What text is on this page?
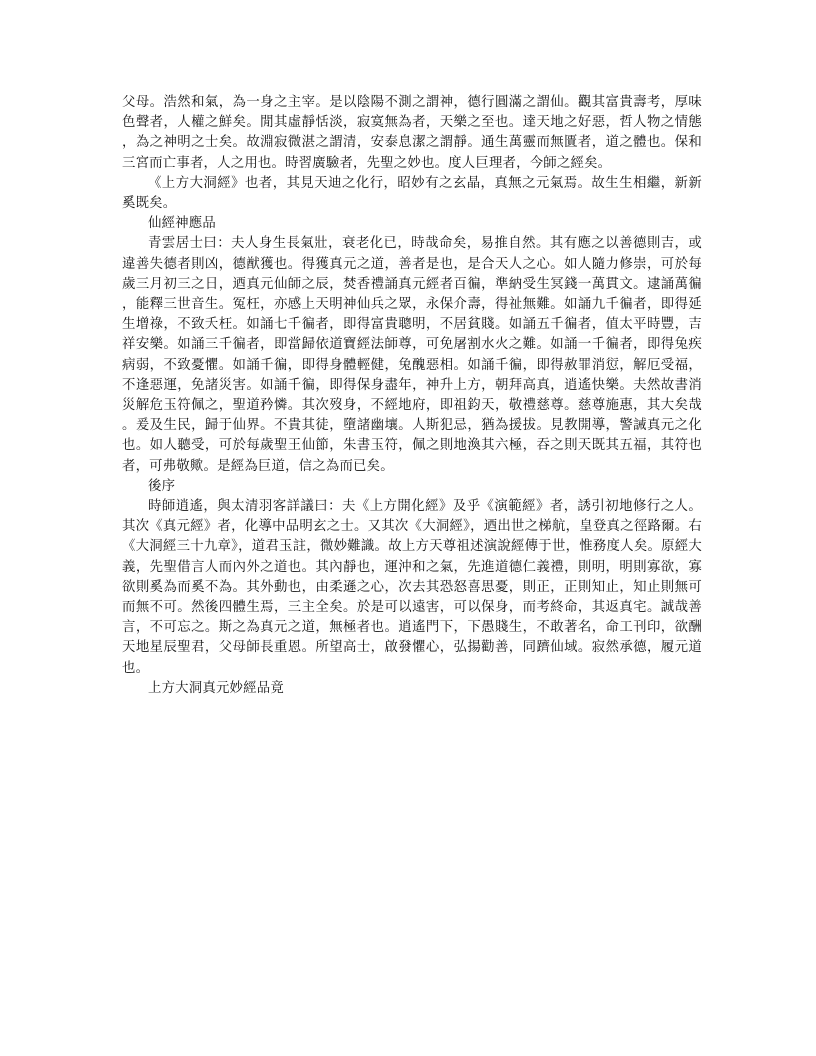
父母。浩然和氣，為一身之主宰。是以陰陽不測之謂神，德行圓滿之謂仙。觀其富貴壽考，厚味色聲者，人權之鮮矣。閒其虛靜恬淡，寂寞無為者，天樂之至也。達天地之好惡，哲人物之情態，為之神明之士矣。故淵寂微湛之謂清，安泰息潔之謂靜。通生萬靈而無匱者，道之體也。保和三宮而亡事者，人之用也。時習廣驗者，先聖之妙也。度人巨理者，今師之經矣。

《上方大洞經》也者，其見天迪之化行，昭妙有之玄晶，真無之元氣焉。故生生相繼，新新奚既矣。

仙經神應品

青雲居士曰：夫人身生長氣壯，衰老化已，時哉命矣，易推自然。其有應之以善德則吉，或違善失德者則凶，德猷獲也。得獲真元之道，善者是也，是合天人之心。如人隨力修崇，可於每歲三月初三之日，迺真元仙師之辰，焚香禮誦真元經者百徧，準納受生冥錢一萬貫文。逮誦萬徧，能釋三世音生。冤枉，亦感上天明神仙兵之眾，永保介壽，得祉無難。如誦九千徧者，即得延生增祿，不致夭枉。如誦七千徧者，即得富貴聰明，不居貧賤。如誦五千徧者，值太平時豐，吉祥安樂。如誦三千徧者，即當歸依道寶經法師尊，可免屠割水火之難。如誦一千徧者，即得兔疾病弱，不致憂懼。如誦千徧，即得身體輕健，兔醜惡相。如誦千徧，即得赦罪消愆，解厄受福，不逢惡運，免諸災害。如誦千徧，即得保身盡年，神升上方，朝拜高真，逍遙快樂。夫然故書消災解危玉符佩之，聖道矜憐。其次歿身，不經地府，即祖鈞天，敬禮慈尊。慈尊施惠，其大矣哉。爰及生民，歸于仙界。不貴其徒，墮諸幽壤。人斯犯忌，猶為援拔。見教開導，警誡真元之化也。如人聽受，可於每歲聖王仙節，朱書玉符，佩之則地渙其六極，吞之則天既其五福，其符也者，可弗敬歟。是經為巨道，信之為而已矣。

後序

時師逍遙，與太清羽客詳議曰：夫《上方開化經》及乎《演範經》者，誘引初地修行之人。其次《真元經》者，化導中品明玄之士。又其次《大洞經》，迺出世之梯航，皇登真之徑路爾。右《大洞經三十九章》，道君玉註，微妙難識。故上方天尊祖述演說經傳于世，惟務度人矣。原經大義，先聖借言人而內外之道也。其內靜也，運沖和之氣，先進道德仁義禮，則明，明則寡欲，寡欲則奚為而奚不為。其外動也，由柔遜之心，次去其恐怒喜思憂，則正，正則知止，知止則無可而無不可。然後四體生焉，三主全矣。於是可以遠害，可以保身，而考終命，其返真宅。誠哉善言，不可忘之。斯之為真元之道，無極者也。逍遙門下，下愚賤生，不敢著名，命工刊印，欲酬天地星辰聖君，父母師長重恩。所望高士，啟發懼心，弘揚勸善，同躋仙域。寂然承德，履元道也。

上方大洞真元妙經品竟
